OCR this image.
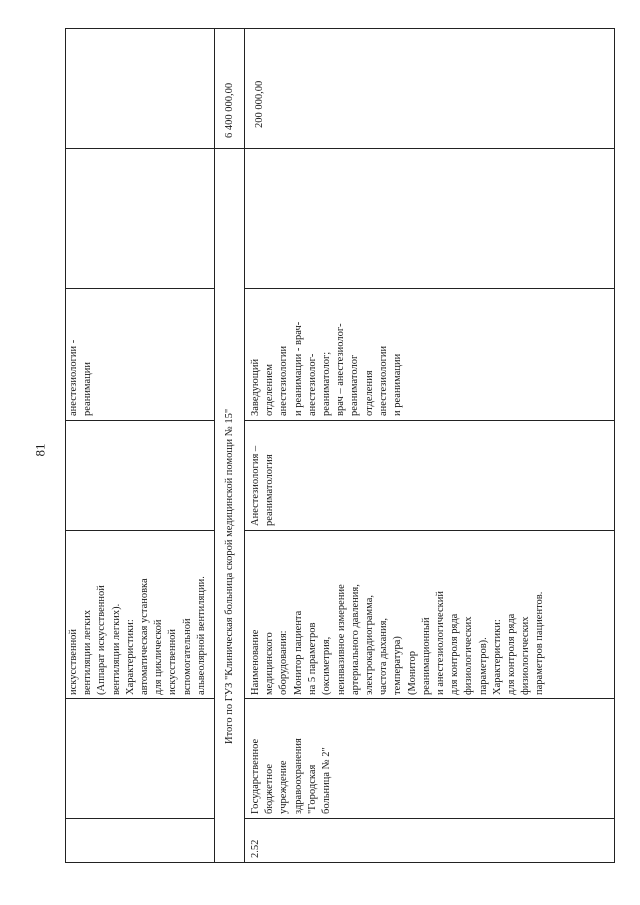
81
искусственной
вентиляции легких
(Аппарат искусственной
вентиляции легких).
Характеристики:
автоматическая установка
для циклической
искусственной
вспомогательной
альвеолярной вентиляции.
анестезиологии -
реанимации
Итого по ГУЗ "Клиническая больница скорой медицинской помощи № 15"
6 400 000,00
2.52
Государственное
бюджетное
учреждение
здравоохранения
"Городская
больница № 2"
Наименование
медицинского
оборудования: Монитор пациента
на 5 параметров
(оксиметрия,
неинвазивное измерение
артериального давления,
электрокардиограмма,
частота дыхания,
температура)
(Монитор
реанимационный
и анестезиологический
для контроля ряда
физиологических
параметров).
Характеристики:
для контроля ряда
физиологических
параметров пациентов.
Анестезиология –
реаниматология
Заведующий
отделением
анестезиологии
и реанимации - врач-
анестезиолог-
реаниматолог;
врач – анестезиолог-
реаниматолог
отделения
анестезиологии
и реанимации
200 000,00
